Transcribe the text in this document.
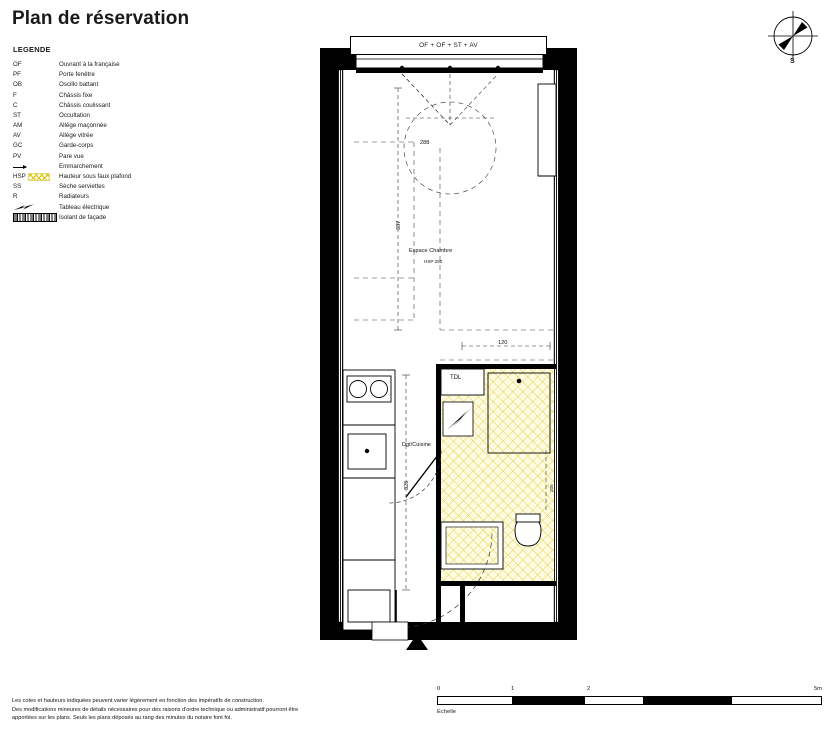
Plan de réservation
LEGENDE
OF	Ouvrant à la française
PF	Porte fenêtre
OB	Oscillo battant
F	Châssis fixe
C	Châssis coulissant
ST	Occultation
AM	Allège maçonnée
AV	Allège vitrée
GC	Garde-corps
PV	Pare vue
Emmarchement
HSP	Hauteur sous faux plafond
SS	Sèche serviettes
R	Radiateurs
Tableau électrique
Isolant de façade
S
OF + OF + ST + AV
288
387
120
325	205
Espace Chambre
HSP 250
Dgt/Cuisine
TDL
Les cotes et hauteurs indiquées peuvent varier légèrement en fonction des impératifs de construction.
Des modifications mineures de détails nécessaires pour des raisons d'ordre technique ou administratif pourront être
apportées sur les plans. Seuls les plans déposés au rang des minutes du notaire font foi.
0	1	2	5m
Echelle
